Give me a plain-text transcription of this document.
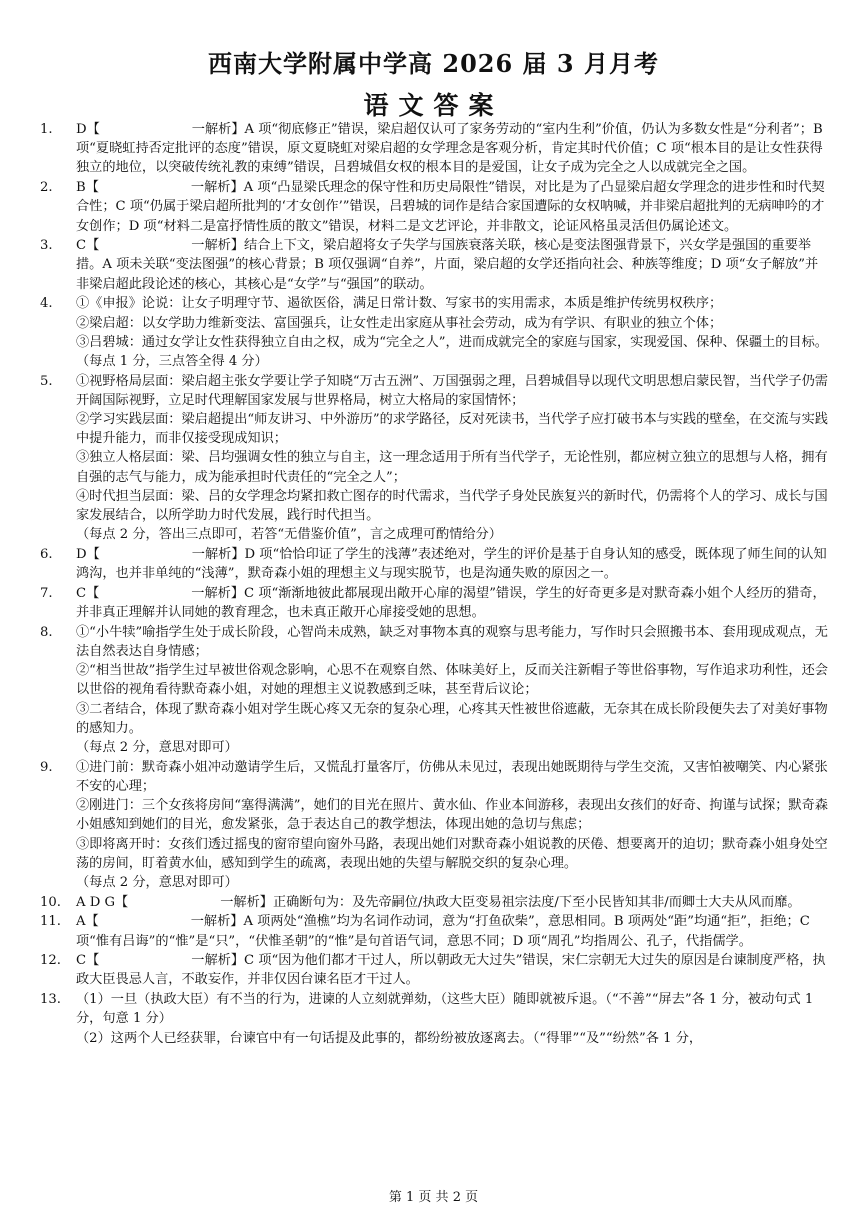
西南大学附属中学高 2026 届 3 月月考
语文答案
1.	D【	一解析】A 项“彻底修正”错误，梁启超仅认可了家务劳动的“室内生利”价值，仍认为多数女性是“分利者”；B 项“夏晓虹持否定批评的态度”错误，原文夏晓虹对梁启超的女学理念是客观分析，肯定其时代价值；C 项“根本目的是让女性获得独立的地位，以突破传统礼教的束缚”错误，吕碧城倡女权的根本目的是爱国，让女子成为完全之人以成就完全之国。
2.	B【	一解析】A 项“凸显梁氏理念的保守性和历史局限性”错误，对比是为了凸显梁启超女学理念的进步性和时代契合性；C 项“仍属于梁启超所批判的‘才女创作’”错误，吕碧城的词作是结合家国遭际的女权呐喊，并非梁启超批判的无病呻吟的才女创作；D 项“材料二是富抒情性质的散文”错误，材料二是文艺评论，并非散文，论证风格虽灵活但仍属论述文。
3.	C【	一解析】结合上下文，梁启超将女子失学与国族衰落关联，核心是变法图强背景下，兴女学是强国的重要举措。A 项未关联“变法图强”的核心背景；B 项仅强调“自养”，片面，梁启超的女学还指向社会、种族等维度；D 项“女子解放”并非梁启超此段论述的核心，其核心是“女学”与“强国”的联动。
4.	①《申报》论说：让女子明理守节、遏欲医俗，满足日常计数、写家书的实用需求，本质是维护传统男权秩序；
②梁启超：以女学助力维新变法、富国强兵，让女性走出家庭从事社会劳动，成为有学识、有职业的独立个体；
③吕碧城：通过女学让女性获得独立自由之权，成为“完全之人”，进而成就完全的家庭与国家，实现爱国、保种、保疆土的目标。
（每点 1 分，三点答全得 4 分）
5.	①视野格局层面：梁启超主张女学要让学子知晓“万古五洲”、万国强弱之理，吕碧城倡导以现代文明思想启蒙民智，当代学子仍需开阔国际视野，立足时代理解国家发展与世界格局，树立大格局的家国情怀；
②学习实践层面：梁启超提出“师友讲习、中外游历”的求学路径，反对死读书，当代学子应打破书本与实践的壁垒，在交流与实践中提升能力，而非仅接受现成知识；
③独立人格层面：梁、吕均强调女性的独立与自主，这一理念适用于所有当代学子，无论性别，都应树立独立的思想与人格，拥有自强的志气与能力，成为能承担时代责任的“完全之人”；
④时代担当层面：梁、吕的女学理念均紧扣救亡图存的时代需求，当代学子身处民族复兴的新时代，仍需将个人的学习、成长与国家发展结合，以所学助力时代发展，践行时代担当。
（每点 2 分，答出三点即可，若答“无借鉴价值”，言之成理可酌情给分）
6.	D【	一解析】D 项“恰恰印证了学生的浅薄”表述绝对，学生的评价是基于自身认知的感受，既体现了师生间的认知鸿沟，也并非单纯的“浅薄”，默奇森小姐的理想主义与现实脱节，也是沟通失败的原因之一。
7.	C【	一解析】C 项“渐渐地彼此都展现出敞开心扉的渴望”错误，学生的好奇更多是对默奇森小姐个人经历的猎奇，并非真正理解并认同她的教育理念，也未真正敞开心扉接受她的思想。
8.	①“小牛犊”喻指学生处于成长阶段，心智尚未成熟，缺乏对事物本真的观察与思考能力，写作时只会照搬书本、套用现成观点，无法自然表达自身情感；
②“相当世故”指学生过早被世俗观念影响，心思不在观察自然、体味美好上，反而关注新帽子等世俗事物，写作追求功利性，还会以世俗的视角看待默奇森小姐，对她的理想主义说教感到乏味，甚至背后议论；
③二者结合，体现了默奇森小姐对学生既心疼又无奈的复杂心理，心疼其天性被世俗遮蔽，无奈其在成长阶段便失去了对美好事物的感知力。
（每点 2 分，意思对即可）
9.	①进门前：默奇森小姐冲动邀请学生后，又慌乱打量客厅，仿佛从未见过，表现出她既期待与学生交流，又害怕被嘲笑、内心紧张不安的心理；
②刚进门：三个女孩将房间“塞得满满”，她们的目光在照片、黄水仙、作业本间游移，表现出女孩们的好奇、拘谨与试探；默奇森小姐感知到她们的目光，愈发紧张，急于表达自己的教学想法，体现出她的急切与焦虑；
③即将离开时：女孩们透过摇曳的窗帘望向窗外马路，表现出她们对默奇森小姐说教的厌倦、想要离开的迫切；默奇森小姐身处空荡的房间，盯着黄水仙，感知到学生的疏离，表现出她的失望与解脱交织的复杂心理。
（每点 2 分，意思对即可）
10.	A D G【	一解析】正确断句为：及先帝嗣位/执政大臣变易祖宗法度/下至小民皆知其非/而卿士大夫从风而靡。
11.	A【	一解析】A 项两处“渔樵”均为名词作动词，意为“打鱼砍柴”，意思相同。B 项两处“距”均通“拒”，拒绝；C 项“惟有吕诲”的“惟”是“只”，“伏惟圣朝”的“惟”是句首语气词，意思不同；D 项“周孔”均指周公、孔子，代指儒学。
12.	C【	一解析】C 项“因为他们都才干过人，所以朝政无大过失”错误，宋仁宗朝无大过失的原因是台谏制度严格，执政大臣畏忌人言，不敢妄作，并非仅因台谏名臣才干过人。
13.	（1）一旦（执政大臣）有不当的行为，进谏的人立刻就弹劾，（这些大臣）随即就被斥退。（“不善”“屏去”各 1 分，被动句式 1 分，句意 1 分）
（2）这两个人已经获罪，台谏官中有一句话提及此事的，都纷纷被放逐离去。（“得罪”“及”“纷然”各 1 分，
第 1 页 共 2 页
